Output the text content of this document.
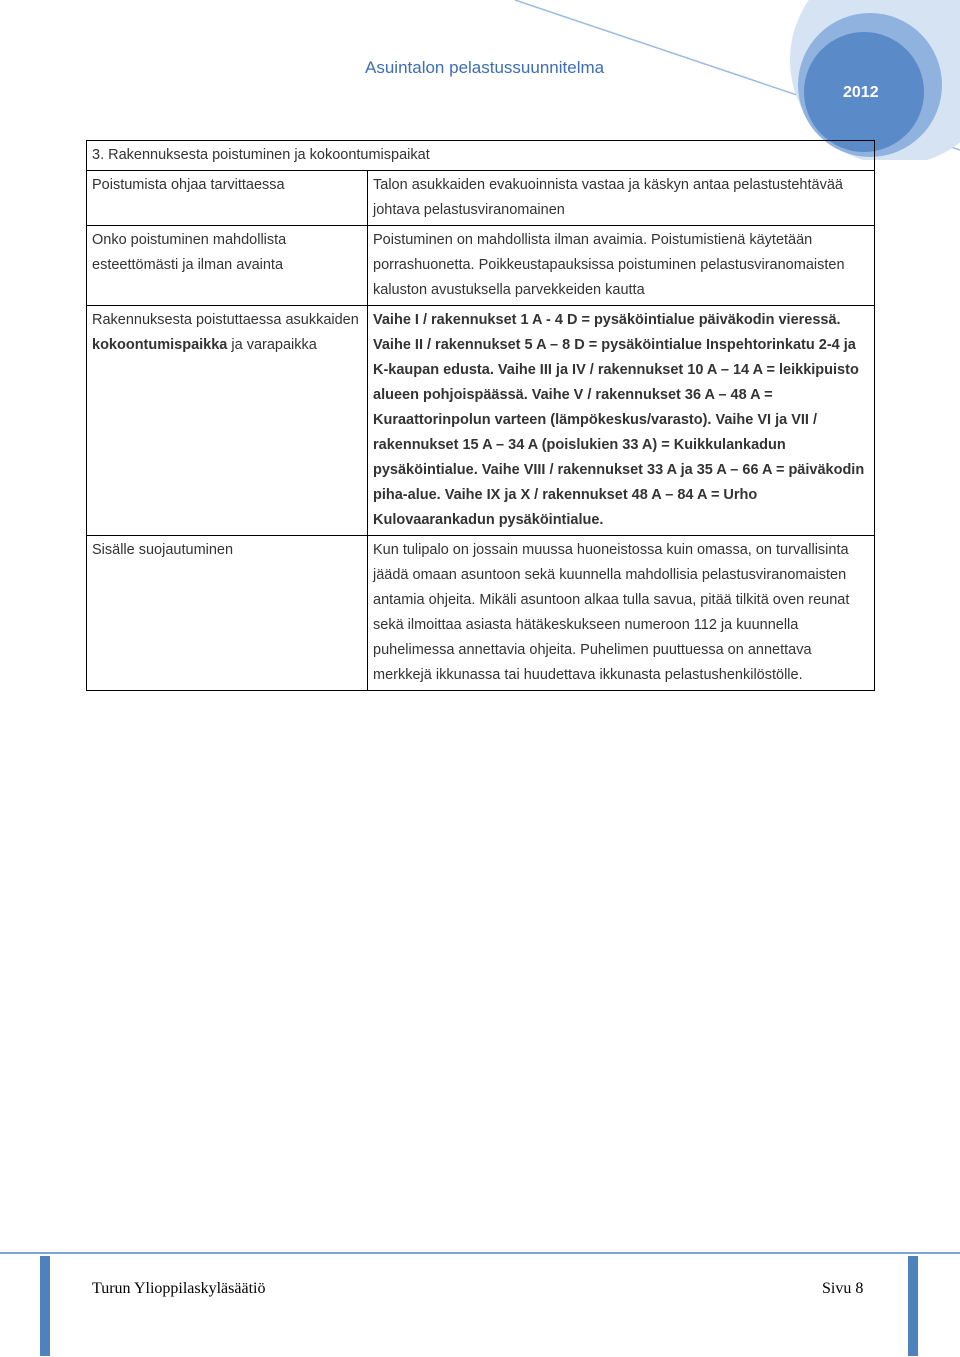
Asuintalon pelastussuunnitelma
2012
3. Rakennuksesta poistuminen ja kokoontumispaikat	
Poistumista ohjaa tarvittaessa	Talon asukkaiden evakuoinnista vastaa ja käskyn antaa pelastustehtävää johtava pelastusviranomainen
Onko poistuminen mahdollista esteettömästi ja ilman avainta	Poistuminen on mahdollista ilman avaimia. Poistumistienä käytetään porrashuonetta. Poikkeustapauksissa poistuminen pelastusviranomaisten kaluston avustuksella parvekkeiden kautta
Rakennuksesta poistuttaessa asukkaiden kokoontumispaikka ja varapaikka	Vaihe I / rakennukset 1 A - 4 D = pysäköintialue päiväkodin vieressä. Vaihe II / rakennukset 5 A – 8 D = pysäköintialue Inspehtorinkatu 2-4 ja K-kaupan edusta. Vaihe III ja IV / rakennukset 10 A – 14 A = leikkipuisto alueen pohjoispäässä. Vaihe V / rakennukset 36 A – 48 A = Kuraattorinpolun varteen (lämpökeskus/varasto). Vaihe VI ja VII / rakennukset 15 A – 34 A (poislukien 33 A) = Kuikkulankadun pysäköintialue. Vaihe VIII / rakennukset 33 A ja 35 A – 66 A = päiväkodin piha-alue. Vaihe IX ja X / rakennukset 48 A – 84 A = Urho Kulovaarankadun pysäköintialue.
Sisälle suojautuminen	Kun tulipalo on jossain muussa huoneistossa kuin omassa, on turvallisinta jäädä omaan asuntoon sekä kuunnella mahdollisia pelastusviranomaisten antamia ohjeita. Mikäli asuntoon alkaa tulla savua, pitää tilkitä oven reunat sekä ilmoittaa asiasta hätäkeskukseen numeroon 112 ja kuunnella puhelimessa annettavia ohjeita. Puhelimen puuttuessa on annettava merkkejä ikkunassa tai huudettava ikkunasta pelastushenkilöstölle.
Turun Ylioppilaskyläsäätiö	Sivu 8
